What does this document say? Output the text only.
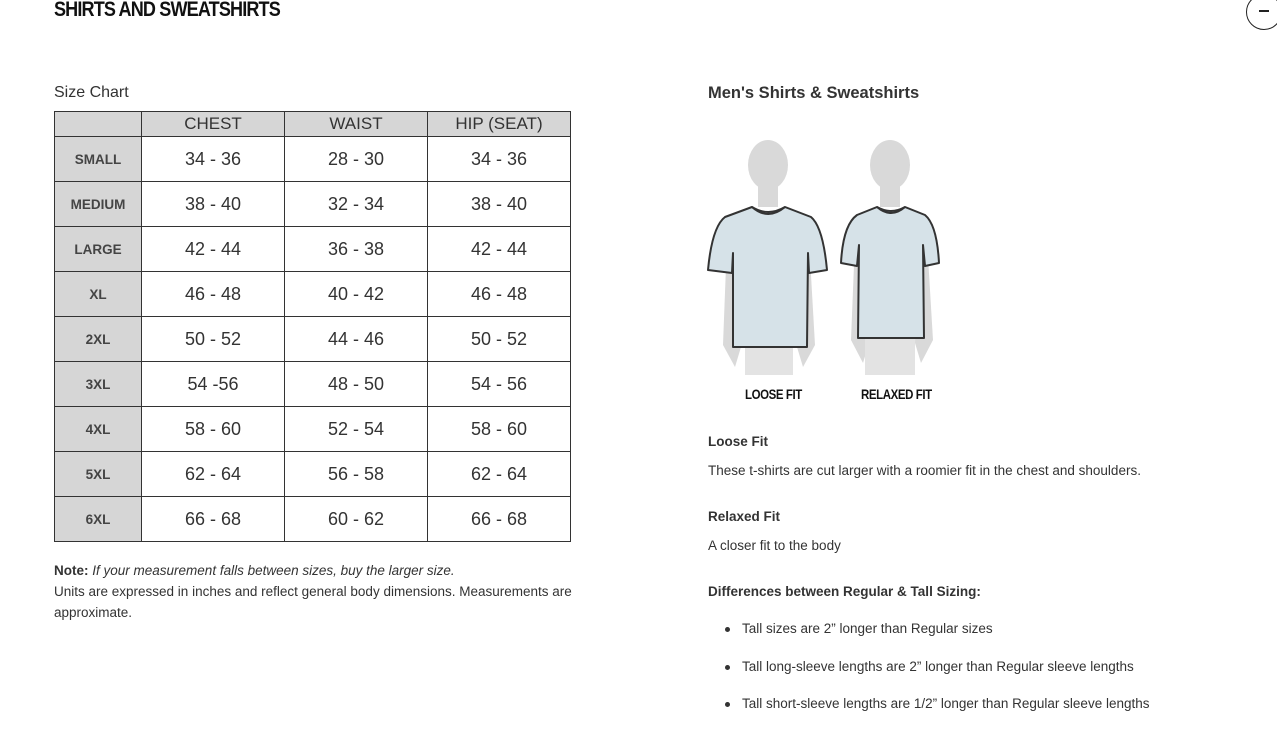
SHIRTS AND SWEATSHIRTS
Size Chart
	CHEST	WAIST	HIP (SEAT)
SMALL	34 - 36	28 - 30	34 - 36
MEDIUM	38 - 40	32 - 34	38 - 40
LARGE	42 - 44	36 - 38	42 - 44
XL	46 - 48	40 - 42	46 - 48
2XL	50 - 52	44 - 46	50 - 52
3XL	54 -56	48 - 50	54 - 56
4XL	58 - 60	52 - 54	58 - 60
5XL	62 - 64	56 - 58	62 - 64
6XL	66 - 68	60 - 62	66 - 68
Note: If your measurement falls between sizes, buy the larger size.
Units are expressed in inches and reflect general body dimensions. Measurements are approximate.
Men's Shirts & Sweatshirts
LOOSE FIT	RELAXED FIT
Loose Fit
These t-shirts are cut larger with a roomier fit in the chest and shoulders.
Relaxed Fit
A closer fit to the body
Differences between Regular & Tall Sizing:
Tall sizes are 2” longer than Regular sizes
Tall long-sleeve lengths are 2” longer than Regular sleeve lengths
Tall short-sleeve lengths are 1/2” longer than Regular sleeve lengths
